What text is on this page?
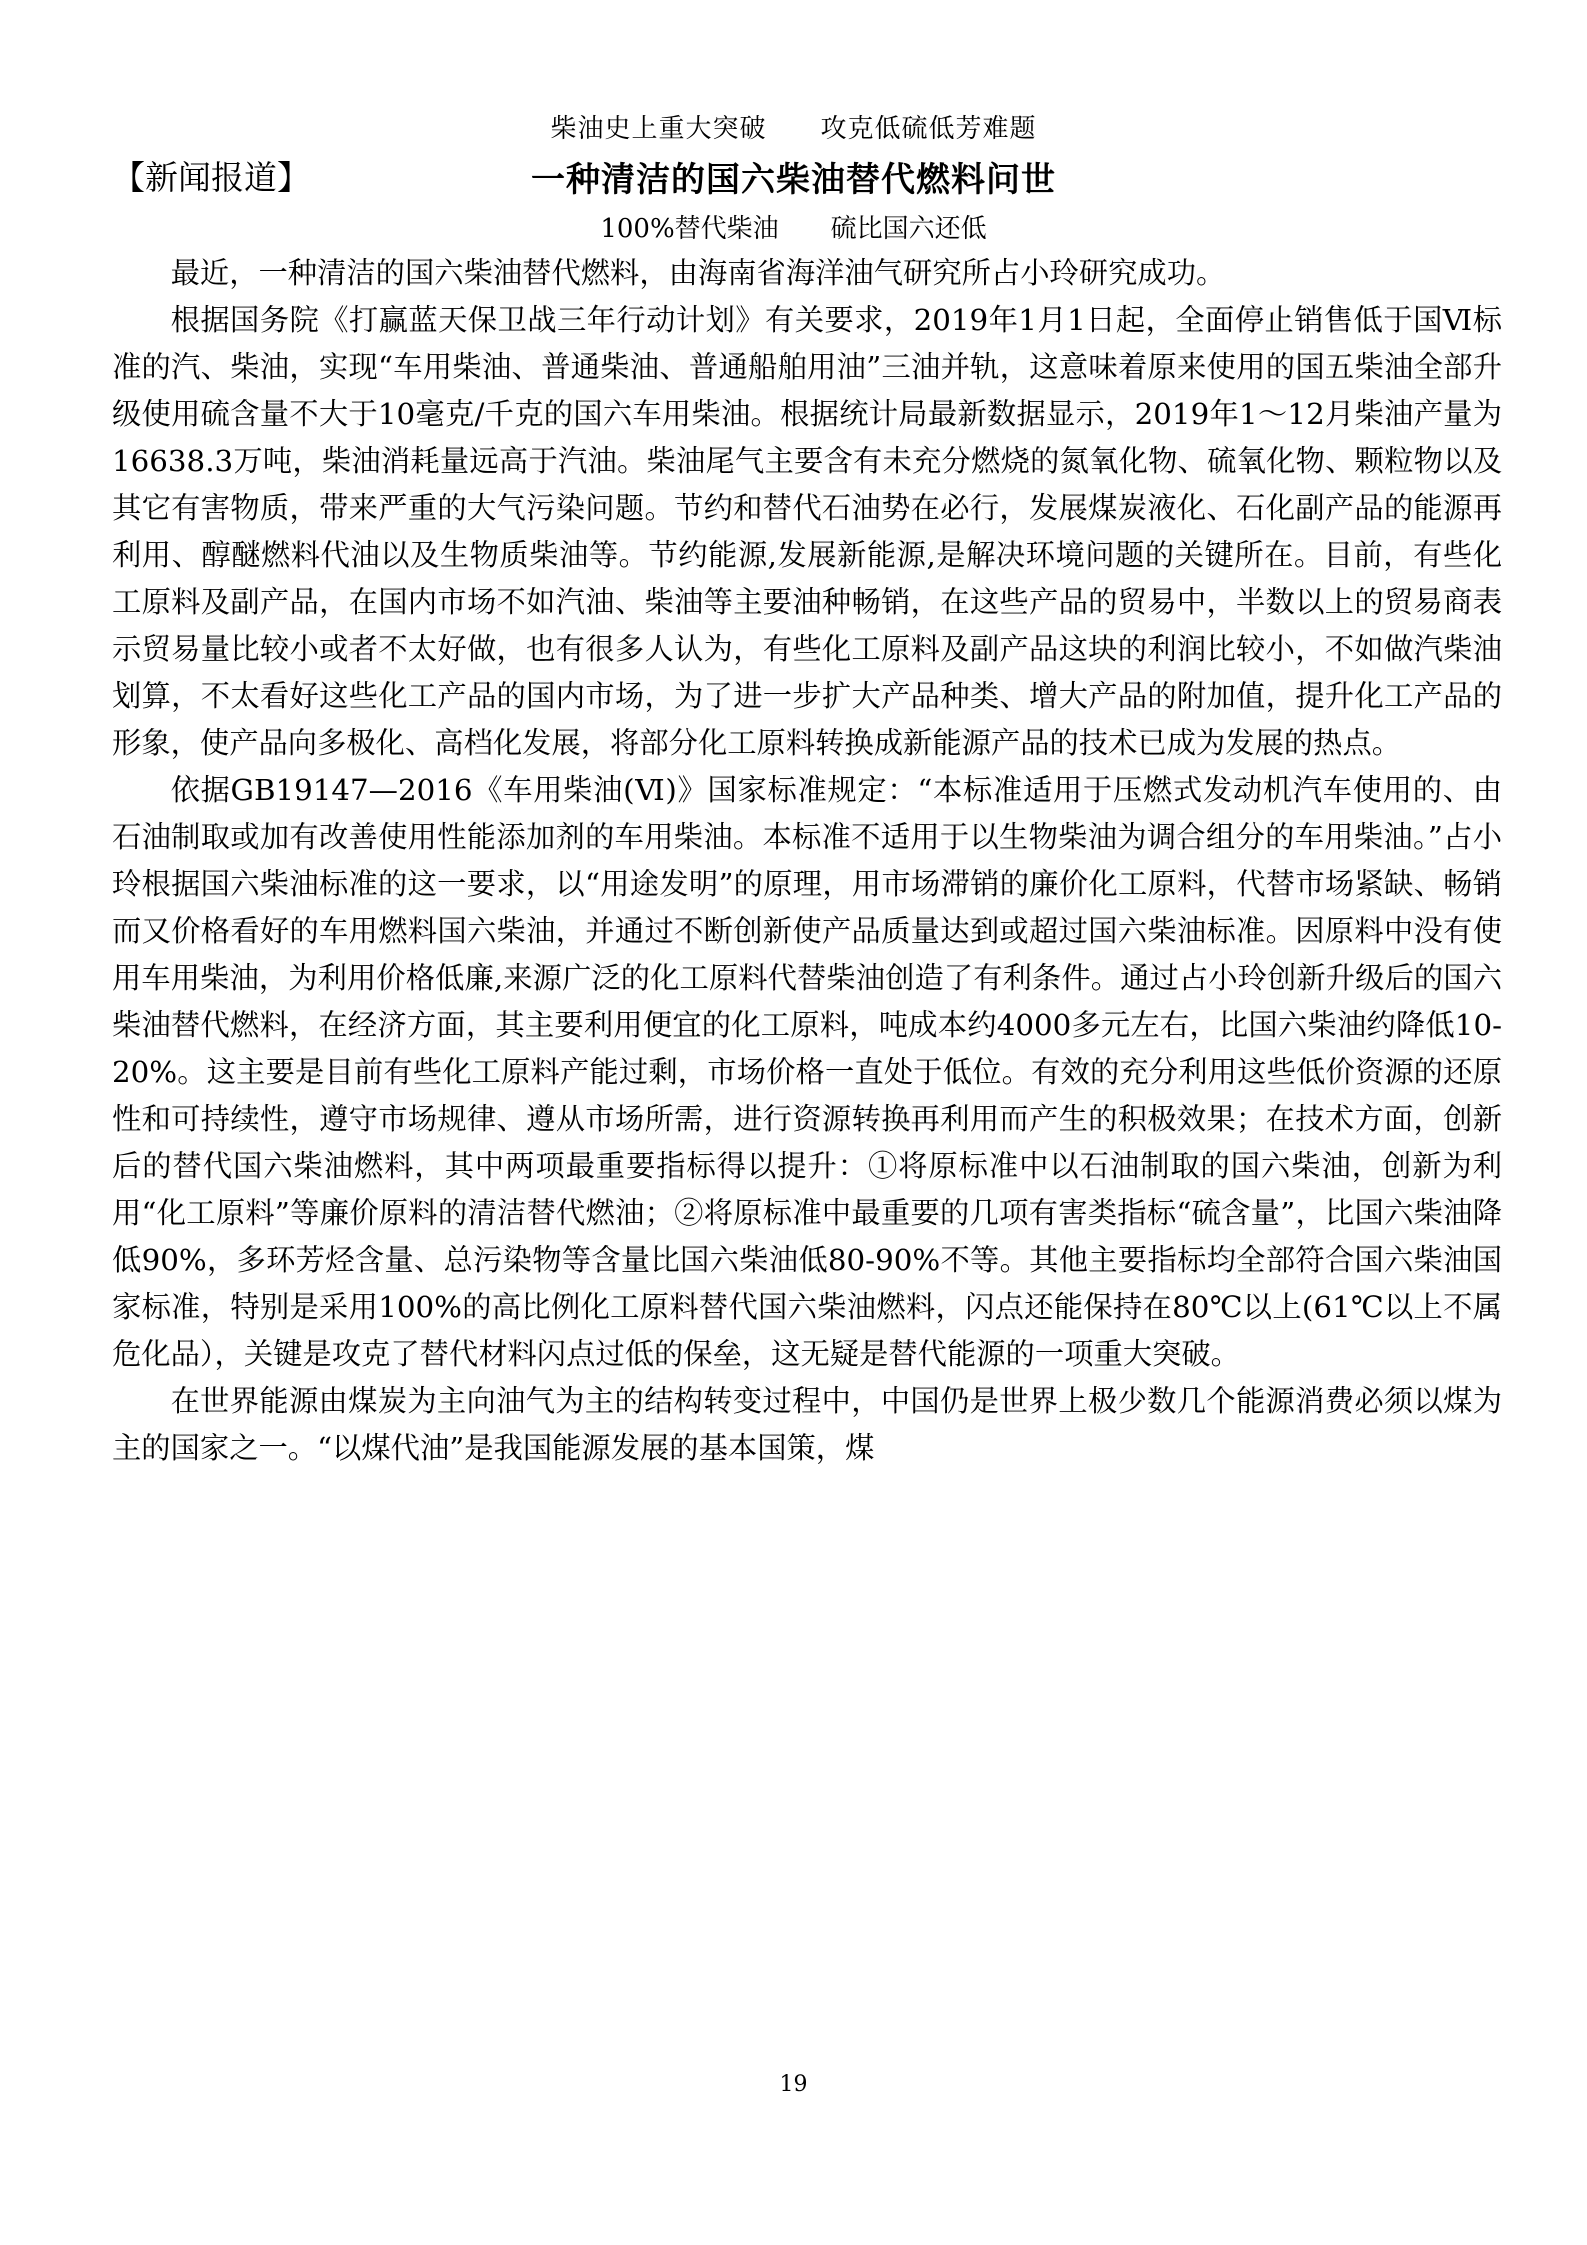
柴油史上重大突破　　攻克低硫低芳难题
【新闻报道】	一种清洁的国六柴油替代燃料问世
100%替代柴油　　硫比国六还低

最近，一种清洁的国六柴油替代燃料，由海南省海洋油气研究所占小玲研究成功。

根据国务院《打赢蓝天保卫战三年行动计划》有关要求，2019年1月1日起，全面停止销售低于国Ⅵ标准的汽、柴油，实现“车用柴油、普通柴油、普通船舶用油”三油并轨，这意味着原来使用的国五柴油全部升级使用硫含量不大于10毫克/千克的国六车用柴油。根据统计局最新数据显示，2019年1～12月柴油产量为16638.3万吨，柴油消耗量远高于汽油。柴油尾气主要含有未充分燃烧的氮氧化物、硫氧化物、颗粒物以及其它有害物质，带来严重的大气污染问题。节约和替代石油势在必行，发展煤炭液化、石化副产品的能源再利用、醇醚燃料代油以及生物质柴油等。节约能源,发展新能源,是解决环境问题的关键所在。目前，有些化工原料及副产品，在国内市场不如汽油、柴油等主要油种畅销，在这些产品的贸易中，半数以上的贸易商表示贸易量比较小或者不太好做，也有很多人认为，有些化工原料及副产品这块的利润比较小，不如做汽柴油划算，不太看好这些化工产品的国内市场，为了进一步扩大产品种类、增大产品的附加值，提升化工产品的形象，使产品向多极化、高档化发展，将部分化工原料转换成新能源产品的技术已成为发展的热点。

依据GB19147—2016《车用柴油(Ⅵ)》国家标准规定：“本标准适用于压燃式发动机汽车使用的、由石油制取或加有改善使用性能添加剂的车用柴油。本标准不适用于以生物柴油为调合组分的车用柴油。”占小玲根据国六柴油标准的这一要求，以“用途发明”的原理，用市场滞销的廉价化工原料，代替市场紧缺、畅销而又价格看好的车用燃料国六柴油，并通过不断创新使产品质量达到或超过国六柴油标准。因原料中没有使用车用柴油，为利用价格低廉,来源广泛的化工原料代替柴油创造了有利条件。通过占小玲创新升级后的国六柴油替代燃料，在经济方面，其主要利用便宜的化工原料，吨成本约4000多元左右，比国六柴油约降低10-20%。这主要是目前有些化工原料产能过剩，市场价格一直处于低位。有效的充分利用这些低价资源的还原性和可持续性，遵守市场规律、遵从市场所需，进行资源转换再利用而产生的积极效果；在技术方面，创新后的替代国六柴油燃料，其中两项最重要指标得以提升：①将原标准中以石油制取的国六柴油，创新为利用“化工原料”等廉价原料的清洁替代燃油；②将原标准中最重要的几项有害类指标“硫含量”，比国六柴油降低90%，多环芳烃含量、总污染物等含量比国六柴油低80-90%不等。其他主要指标均全部符合国六柴油国家标准，特别是采用100%的高比例化工原料替代国六柴油燃料，闪点还能保持在80℃以上(61℃以上不属危化品），关键是攻克了替代材料闪点过低的保垒，这无疑是替代能源的一项重大突破。

在世界能源由煤炭为主向油气为主的结构转变过程中，中国仍是世界上极少数几个能源消费必须以煤为主的国家之一。“以煤代油”是我国能源发展的基本国策，煤

19
